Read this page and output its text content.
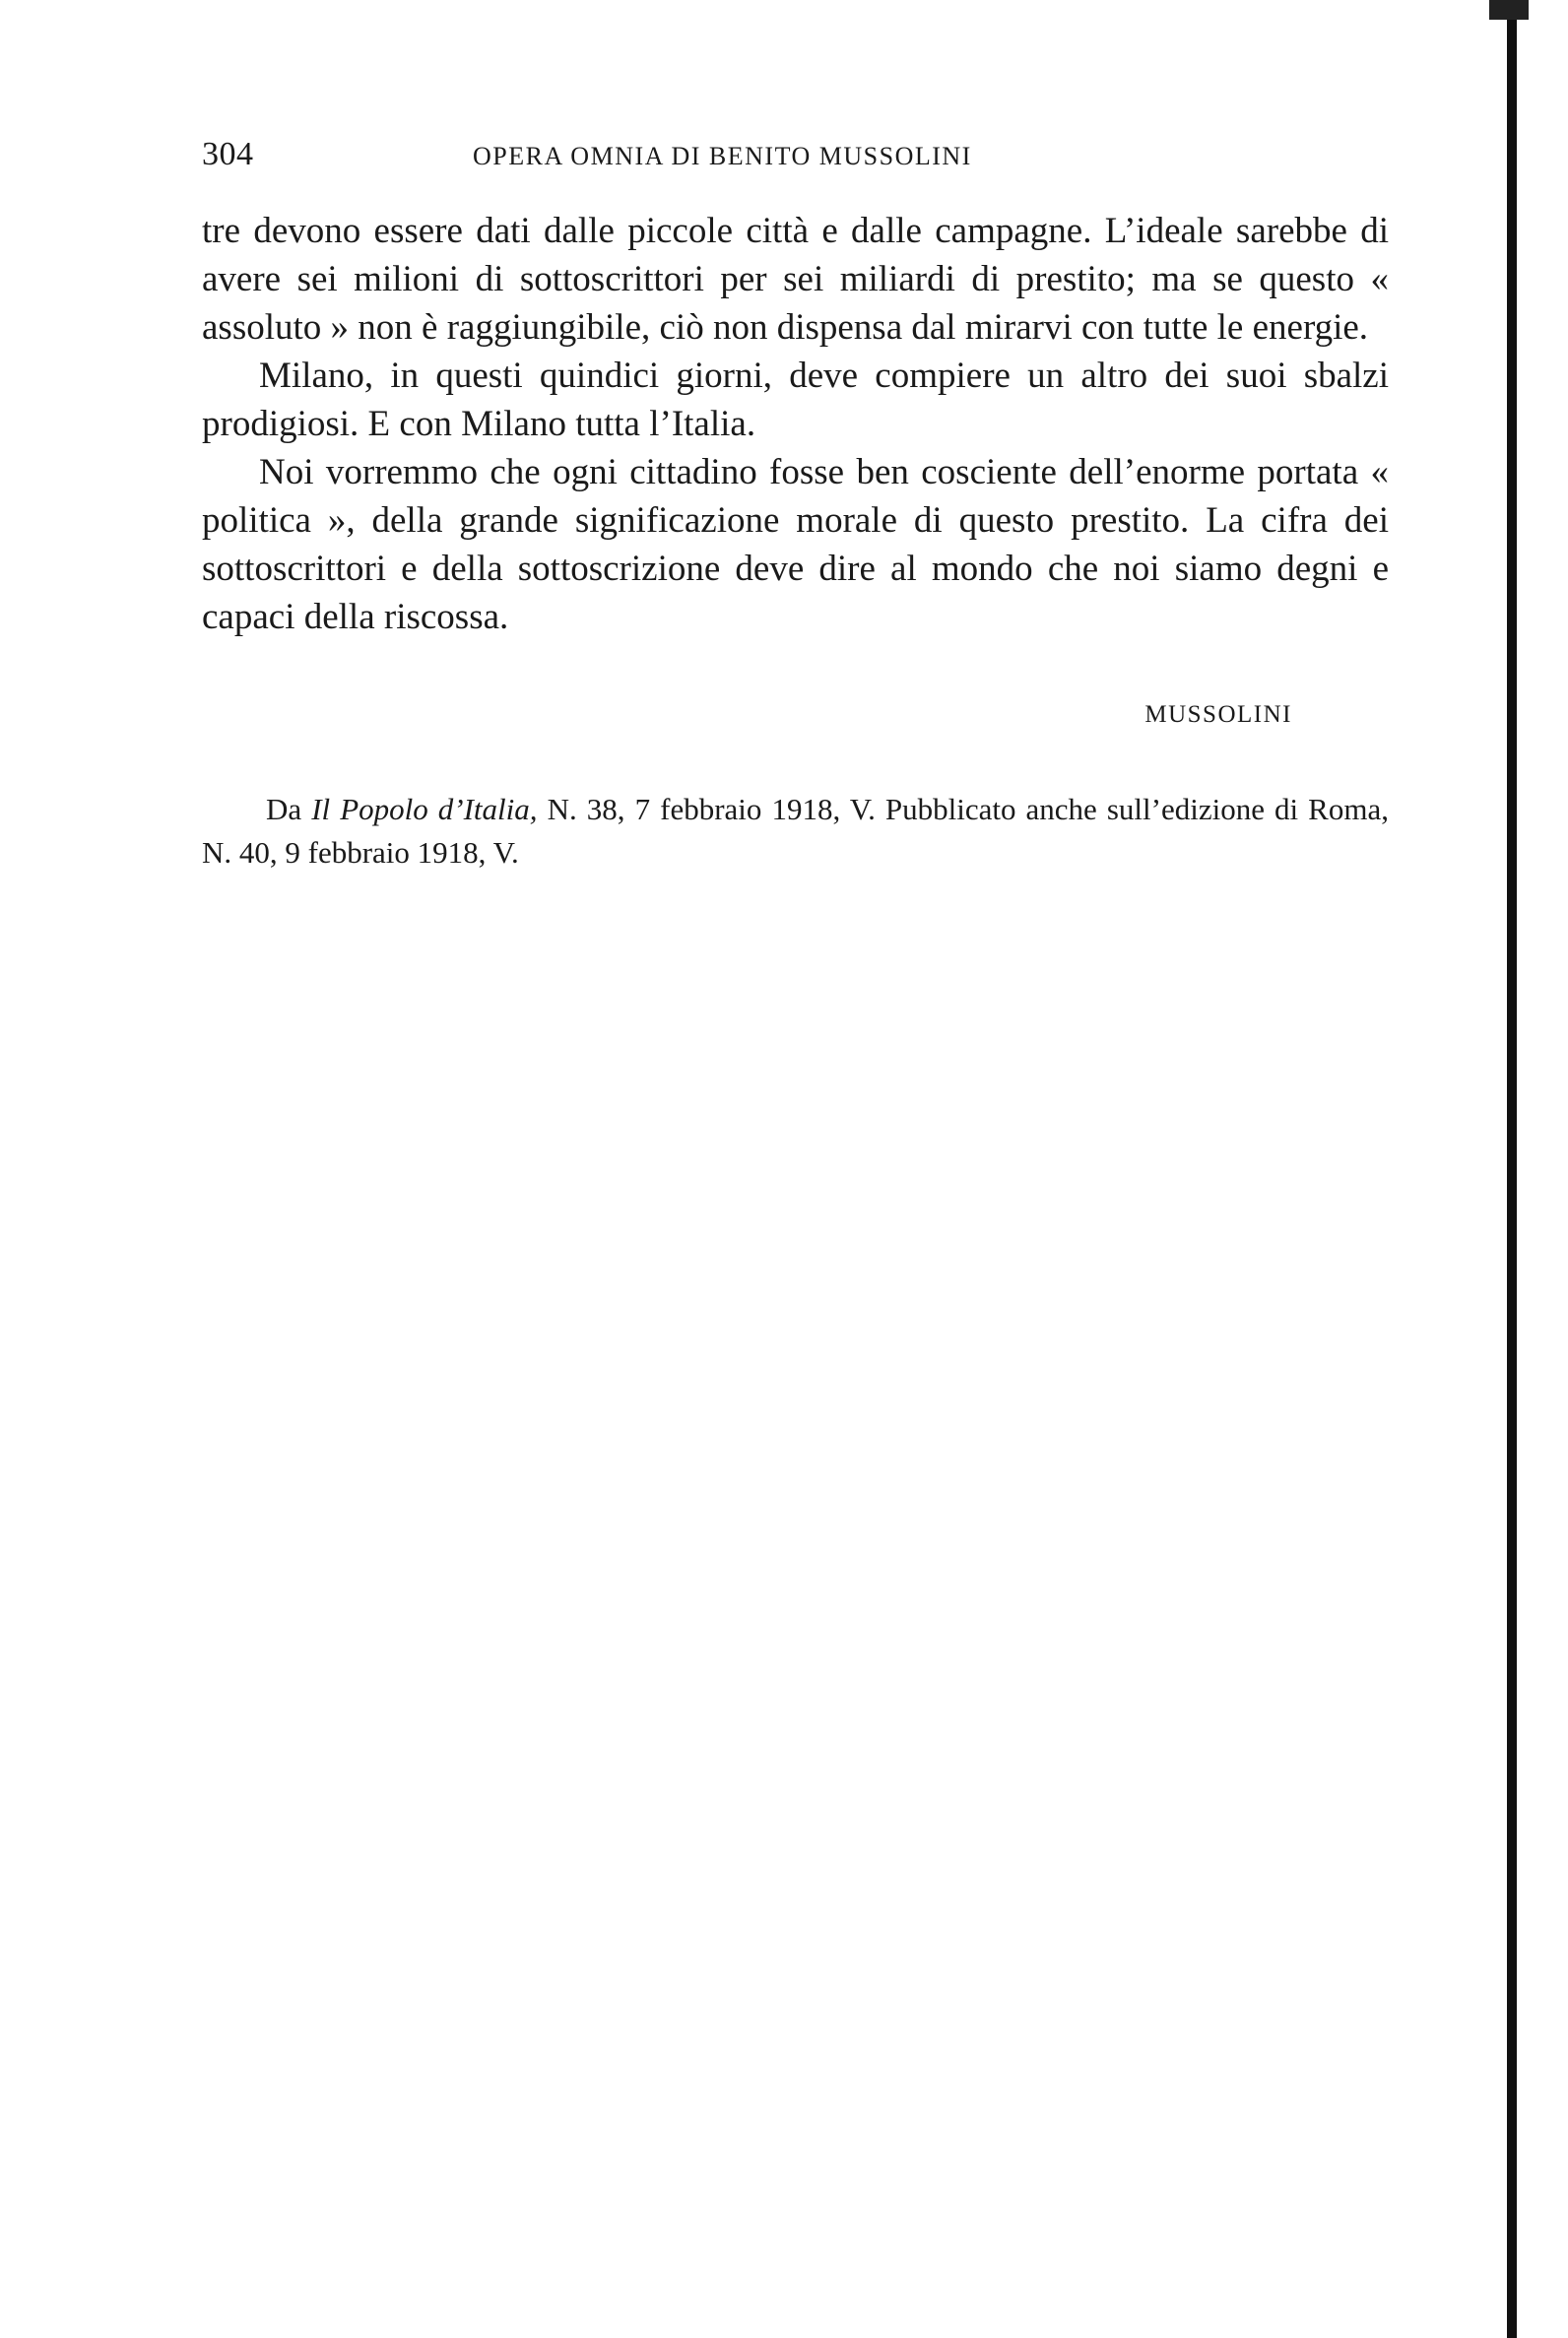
304	OPERA OMNIA DI BENITO MUSSOLINI

tre devono essere dati dalle piccole città e dalle campagne. L’ideale sarebbe di avere sei milioni di sottoscrittori per sei miliardi di prestito; ma se questo « assoluto » non è raggiungibile, ciò non dispensa dal mirarvi con tutte le energie.

Milano, in questi quindici giorni, deve compiere un altro dei suoi sbalzi prodigiosi. E con Milano tutta l’Italia.

Noi vorremmo che ogni cittadino fosse ben cosciente dell’enorme portata « politica », della grande significazione morale di questo prestito. La cifra dei sottoscrittori e della sottoscrizione deve dire al mondo che noi siamo degni e capaci della riscossa.

MUSSOLINI
Da Il Popolo d’Italia, N. 38, 7 febbraio 1918, V. Pubblicato anche sull’edizione di Roma, N. 40, 9 febbraio 1918, V.
